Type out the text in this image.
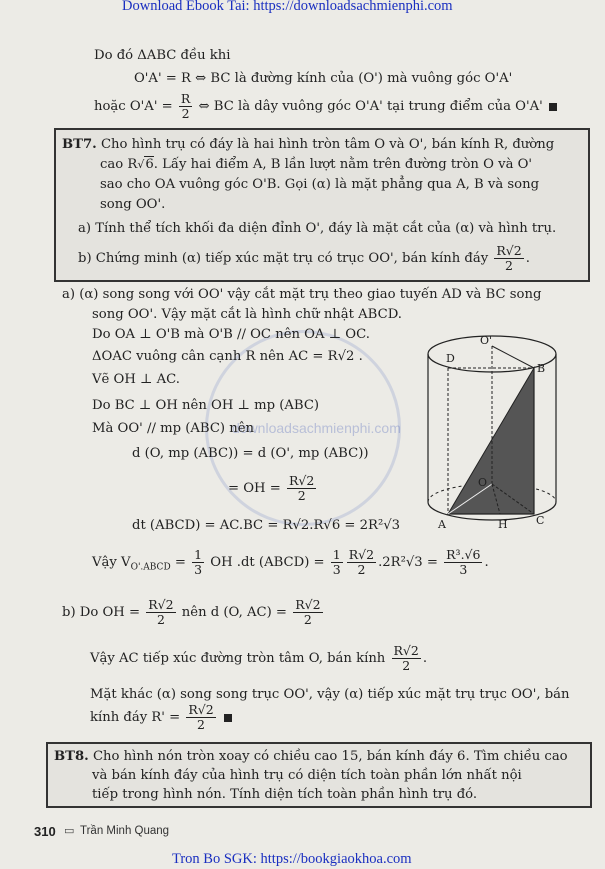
Download Ebook Tai: https://downloadsachmienphi.com
downloadsachmienphi.com
Do đó ΔABC đều khi
O'A' = R ⇔ BC là đường kính của (O') mà vuông góc O'A'
hoặc $O'A' = \frac{R}{2}$ ⇔ BC là dây vuông góc O'A' tại trung điểm của O'A'
BT7. Cho hình trụ có đáy là hai hình tròn tâm O và O', bán kính R, đường
cao R√6. Lấy hai điểm A, B lần lượt nằm trên đường tròn O và O'
sao cho OA vuông góc O'B. Gọi (α) là mặt phẳng qua A, B và song
song OO'.
a) Tính thể tích khối đa diện đỉnh O', đáy là mặt cắt của (α) và hình trụ.
b) Chứng minh (α) tiếp xúc mặt trụ có trục OO', bán kính đáy $\frac{R√2}{2}$ .
a) (α) song song với OO' vậy cắt mặt trụ theo giao tuyến AD và BC song
song OO'. Vậy mặt cắt là hình chữ nhật ABCD.
Do OA ⊥ O'B mà O'B // OC nên OA ⊥ OC.
ΔOAC vuông cân cạnh R nên AC = R√2 .
Vẽ OH ⊥ AC.
Do BC ⊥ OH nên OH ⊥ mp (ABC)
Mà OO' // mp (ABC) nên
d (O, mp (ABC)) = d (O', mp (ABC))
= OH = $\frac{R√2}{2}$
dt (ABCD) = AC.BC = R√2.R√6 = 2R²√3
Vậy $V_{O'.ABCD} = \frac{1}{3}$ OH .dt (ABCD) = $\frac{1}{3} \frac{R√2}{2} .2R^2√3 = \frac{\text{R³.√6}}{3}$ .
b) Do OH = $\frac{R√2}{2}$ nên d (O, $AC) = \frac{R√2}{2}$
Vậy AC tiếp xúc đường tròn tâm O, bán kính $\frac{R√2}{2}$ .
Mặt khác (α) song song trục OO', vậy (α) tiếp xúc mặt trụ trục OO', bán
kính đáy $R' = \frac{R√2}{2}$
O'
D
B
O
A	H	C
BT8. Cho hình nón tròn xoay có chiều cao 15, bán kính đáy 6. Tìm chiều cao
và bán kính đáy của hình trụ có diện tích toàn phần lớn nhất nội
tiếp trong hình nón. Tính diện tích toàn phần hình trụ đó.
310 ▭ Trần Minh Quang
Tron Bo SGK: https://bookgiaokhoa.com
